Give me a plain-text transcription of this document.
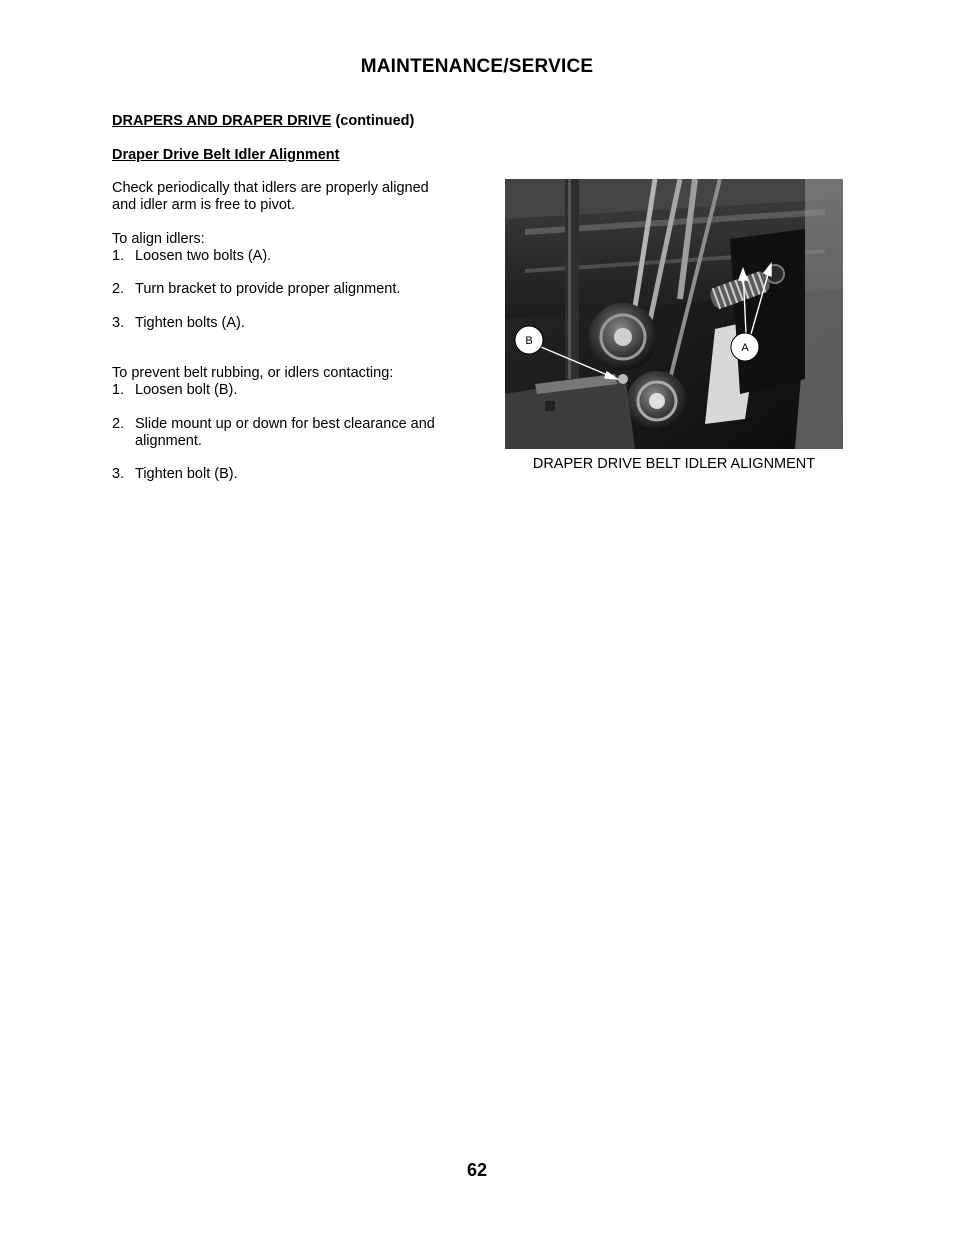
MAINTENANCE/SERVICE
DRAPERS AND DRAPER DRIVE (continued)
Draper Drive Belt Idler Alignment
Check periodically that idlers are properly aligned
and idler arm is free to pivot.
To align idlers:
1. Loosen two bolts (A).
2. Turn bracket to provide proper alignment.
3. Tighten bolts (A).
To prevent belt rubbing, or idlers contacting:
1. Loosen bolt (B).
2. Slide mount up or down for best clearance and
alignment.
3. Tighten bolt (B).
B
A
DRAPER DRIVE BELT IDLER ALIGNMENT
62
